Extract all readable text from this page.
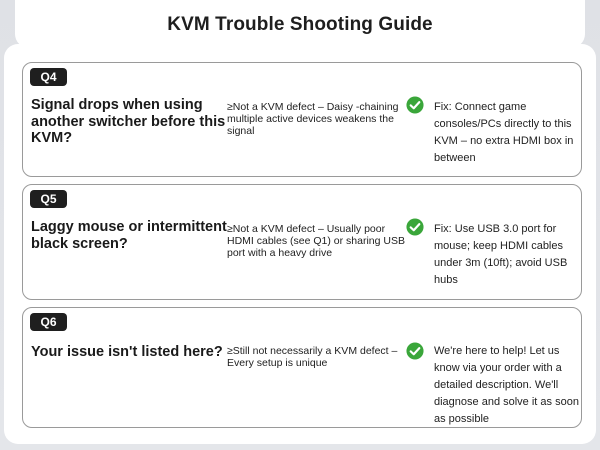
KVM Trouble Shooting Guide
Q4
Signal drops when using another switcher before this KVM?
≥Not a KVM defect – Daisy -chaining multiple active devices weakens the signal
Fix: Connect game consoles/PCs directly to this KVM – no extra HDMI box in between
Q5
Laggy mouse or intermittent black screen?
≥Not a KVM defect – Usually poor HDMI cables (see Q1) or sharing USB port with a heavy drive
Fix: Use USB 3.0 port for mouse; keep HDMI cables under 3m (10ft); avoid USB hubs
Q6
Your issue isn't listed here? ≥Still not necessarily a KVM defect – Every setup is unique
We're here to help! Let us know via your order with a detailed description. We'll diagnose and solve it as soon as possible
